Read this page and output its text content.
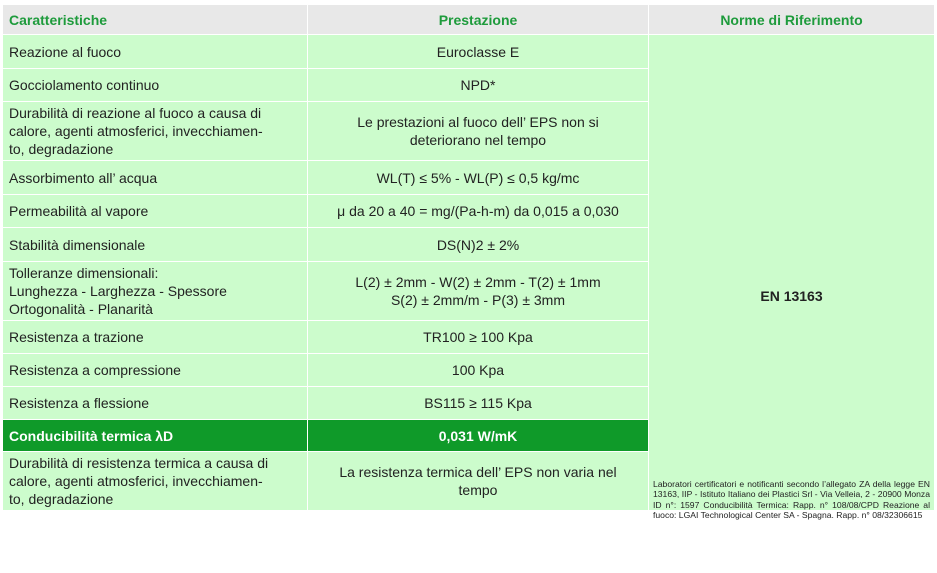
Caratteristiche	Prestazione	Norme di Riferimento
Reazione al fuoco	Euroclasse E	EN 13163
Laboratori certificatori e notificanti secondo l’allegato ZA della legge EN 13163, IIP - Istituto Italiano dei Plastici Srl - Via Velleia, 2 - 20900 Monza ID n°: 1597 Conducibilità Termica: Rapp. n° 108/08/CPD Reazione al fuoco: LGAI Technological Center SA - Spagna. Rapp. n° 08/32306615

Gocciolamento continuo	NPD*	
Durabilità di reazione al fuoco a causa di
calore, agenti atmosferici, invecchiamen-
to, degradazione	Le prestazioni al fuoco dell’ EPS non si
deteriorano nel tempo	
Assorbimento all’ acqua	WL(T) ≤ 5% - WL(P) ≤ 0,5 kg/mc	
Permeabilità al vapore	μ da 20 a 40 = mg/(Pa-h-m) da 0,015 a 0,030	
Stabilità dimensionale	DS(N)2 ± 2%	
Tolleranze dimensionali:
Lunghezza - Larghezza - Spessore
Ortogonalità - Planarità	L(2) ± 2mm - W(2) ± 2mm - T(2) ± 1mm
S(2) ± 2mm/m - P(3) ± 3mm	
Resistenza a trazione	TR100 ≥ 100 Kpa	
Resistenza a compressione	100 Kpa	
Resistenza a flessione	BS115 ≥ 115 Kpa	
Conducibilità termica λD	0,031 W/mK	
Durabilità di resistenza termica a causa di
calore, agenti atmosferici, invecchiamen-
to, degradazione	La resistenza termica dell’ EPS non varia nel
tempo	
